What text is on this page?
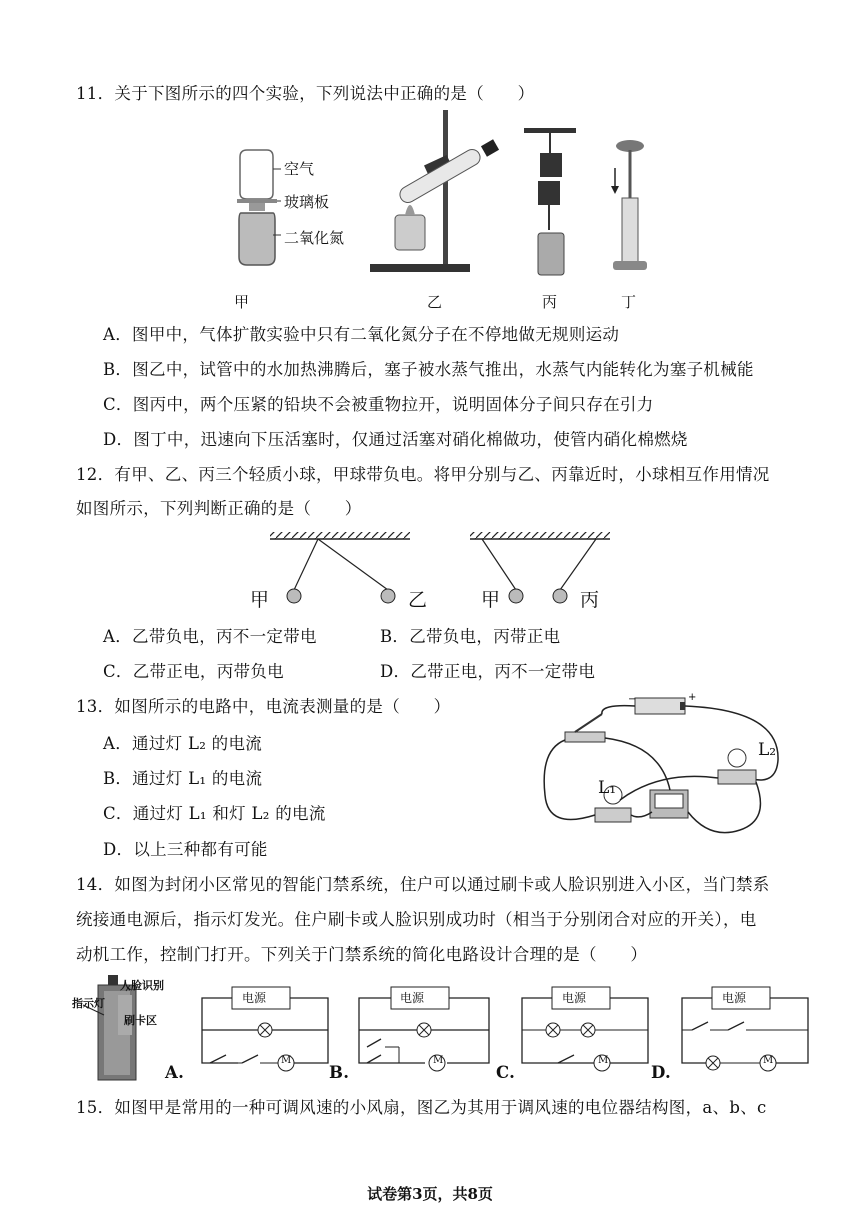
11．关于下图所示的四个实验，下列说法中正确的是（　　）
空气
玻璃板
二氧化氮
甲	乙	丙	丁
A．图甲中，气体扩散实验中只有二氧化氮分子在不停地做无规则运动
B．图乙中，试管中的水加热沸腾后，塞子被水蒸气推出，水蒸气内能转化为塞子机械能
C．图丙中，两个压紧的铅块不会被重物拉开，说明固体分子间只存在引力
D．图丁中，迅速向下压活塞时，仅通过活塞对硝化棉做功，使管内硝化棉燃烧
12．有甲、乙、丙三个轻质小球，甲球带负电。将甲分别与乙、丙靠近时，小球相互作用情况
如图所示，下列判断正确的是（　　）
甲	乙	甲	丙
A．乙带负电，丙不一定带电	B．乙带负电，丙带正电
C．乙带正电，丙带负电	D．乙带正电，丙不一定带电
13．如图所示的电路中，电流表测量的是（　　）
A．通过灯 L₂ 的电流
B．通过灯 L₁ 的电流
C．通过灯 L₁ 和灯 L₂ 的电流
D．以上三种都有可能
−	+
L₂
L₁
14．如图为封闭小区常见的智能门禁系统，住户可以通过刷卡或人脸识别进入小区，当门禁系
统接通电源后，指示灯发光。住户刷卡或人脸识别成功时（相当于分别闭合对应的开关），电
动机工作，控制门打开。下列关于门禁系统的简化电路设计合理的是（　　）
人脸识别
指示灯
刷卡区
电源	电源	电源	电源
M	M	M	M
A.	B.	C.	D.
15．如图甲是常用的一种可调风速的小风扇，图乙为其用于调风速的电位器结构图，a、b、c
试卷第3页，共8页
